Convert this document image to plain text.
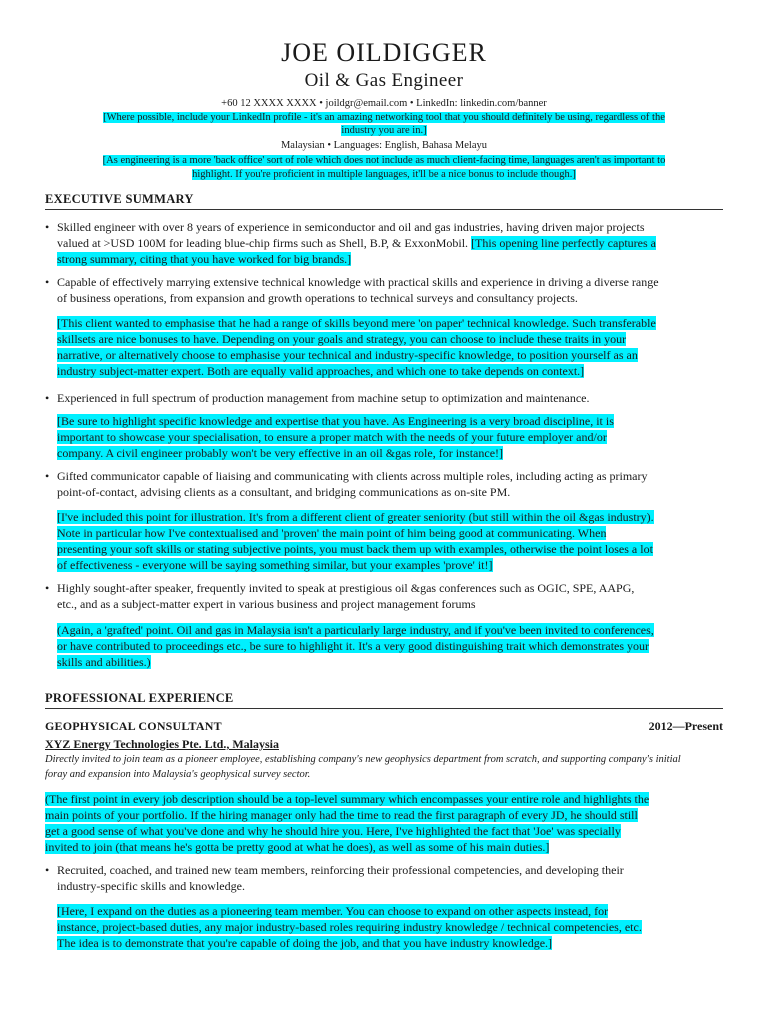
JOE OILDIGGER
Oil & Gas Engineer
+60 12 XXXX XXXX • joildgr@email.com • LinkedIn: linkedin.com/banner
[Where possible, include your LinkedIn profile - it's an amazing networking tool that you should definitely be using, regardless of the
industry you are in.]
Malaysian • Languages: English, Bahasa Melayu
[As engineering is a more 'back office' sort of role which does not include as much client-facing time, languages aren't as important to
highlight. If you're proficient in multiple languages, it'll be a nice bonus to include though.]
EXECUTIVE SUMMARY
• Skilled engineer with over 8 years of experience in semiconductor and oil and gas industries, having driven major projects
valued at >USD 100M for leading blue-chip firms such as Shell, B.P, & ExxonMobil. [This opening line perfectly captures a
strong summary, citing that you have worked for big brands.]
• Capable of effectively marrying extensive technical knowledge with practical skills and experience in driving a diverse range
of business operations, from expansion and growth operations to technical surveys and consultancy projects.
[This client wanted to emphasise that he had a range of skills beyond mere 'on paper' technical knowledge. Such transferable
skillsets are nice bonuses to have. Depending on your goals and strategy, you can choose to include these traits in your
narrative, or alternatively choose to emphasise your technical and industry-specific knowledge, to position yourself as an
industry subject-matter expert. Both are equally valid approaches, and which one to take depends on context.]
• Experienced in full spectrum of production management from machine setup to optimization and maintenance.
[Be sure to highlight specific knowledge and expertise that you have. As Engineering is a very broad discipline, it is
important to showcase your specialisation, to ensure a proper match with the needs of your future employer and/or
company. A civil engineer probably won't be very effective in an oil &gas role, for instance!]
• Gifted communicator capable of liaising and communicating with clients across multiple roles, including acting as primary
point-of-contact, advising clients as a consultant, and bridging communications as on-site PM.
[I've included this point for illustration. It's from a different client of greater seniority (but still within the oil &gas industry).
Note in particular how I've contextualised and 'proven' the main point of him being good at communicating. When
presenting your soft skills or stating subjective points, you must back them up with examples, otherwise the point loses a lot
of effectiveness - everyone will be saying something similar, but your examples 'prove' it!]
• Highly sought-after speaker, frequently invited to speak at prestigious oil &gas conferences such as OGIC, SPE, AAPG,
etc., and as a subject-matter expert in various business and project management forums
(Again, a 'grafted' point. Oil and gas in Malaysia isn't a particularly large industry, and if you've been invited to conferences,
or have contributed to proceedings etc., be sure to highlight it. It's a very good distinguishing trait which demonstrates your
skills and abilities.)
PROFESSIONAL EXPERIENCE
GEOPHYSICAL CONSULTANT	2012—Present
XYZ Energy Technologies Pte. Ltd., Malaysia
Directly invited to join team as a pioneer employee, establishing company's new geophysics department from scratch, and supporting company's initial
foray and expansion into Malaysia's geophysical survey sector.
(The first point in every job description should be a top-level summary which encompasses your entire role and highlights the
main points of your portfolio. If the hiring manager only had the time to read the first paragraph of every JD, he should still
get a good sense of what you've done and why he should hire you. Here, I've highlighted the fact that 'Joe' was specially
invited to join (that means he's gotta be pretty good at what he does), as well as some of his main duties.]
• Recruited, coached, and trained new team members, reinforcing their professional competencies, and developing their
industry-specific skills and knowledge.
[Here, I expand on the duties as a pioneering team member. You can choose to expand on other aspects instead, for
instance, project-based duties, any major industry-based roles requiring industry knowledge / technical competencies, etc.
The idea is to demonstrate that you're capable of doing the job, and that you have industry knowledge.]
